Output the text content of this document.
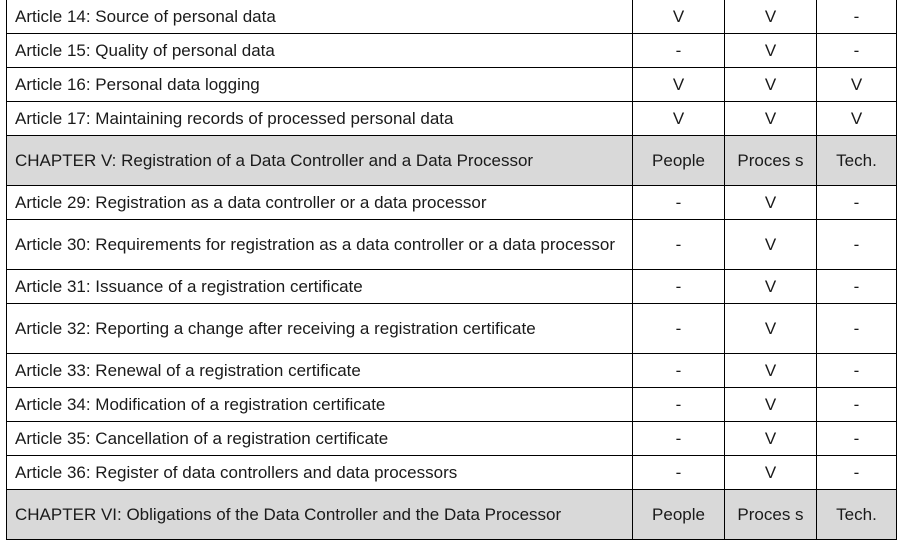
Article 14: Source of personal data	V	V	-
Article 15: Quality of personal data	-	V	-
Article 16: Personal data logging	V	V	V
Article 17: Maintaining records of processed personal data	V	V	V
CHAPTER V: Registration of a Data Controller and a Data Processor	People	Proces s	Tech.
Article 29: Registration as a data controller or a data processor	-	V	-
Article 30: Requirements for registration as a data controller or a data processor	-	V	-
Article 31: Issuance of a registration certificate	-	V	-
Article 32: Reporting a change after receiving a registration certificate	-	V	-
Article 33: Renewal of a registration certificate	-	V	-
Article 34: Modification of a registration certificate	-	V	-
Article 35: Cancellation of a registration certificate	-	V	-
Article 36: Register of data controllers and data processors	-	V	-
CHAPTER VI: Obligations of the Data Controller and the Data Processor	People	Proces s	Tech.
